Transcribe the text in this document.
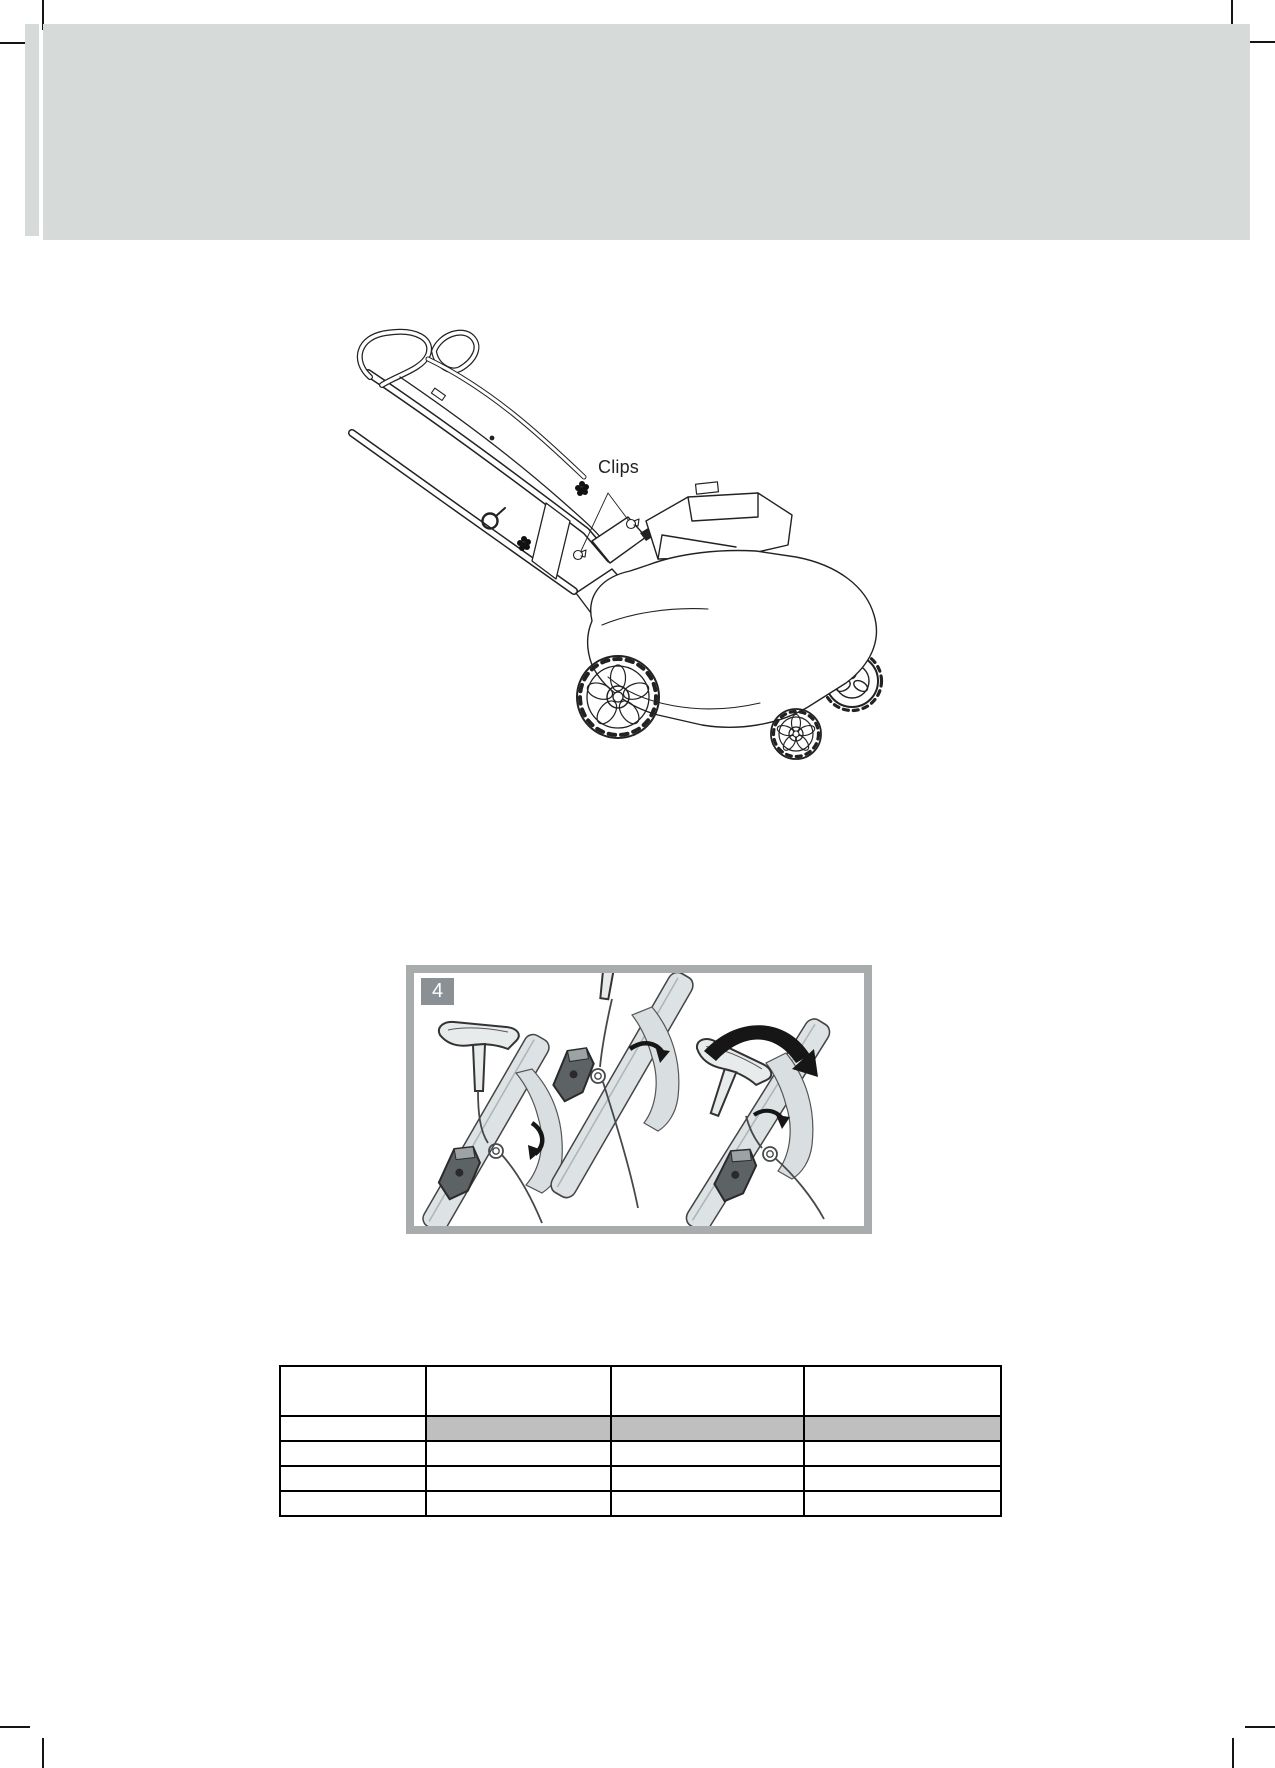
Clips
4
